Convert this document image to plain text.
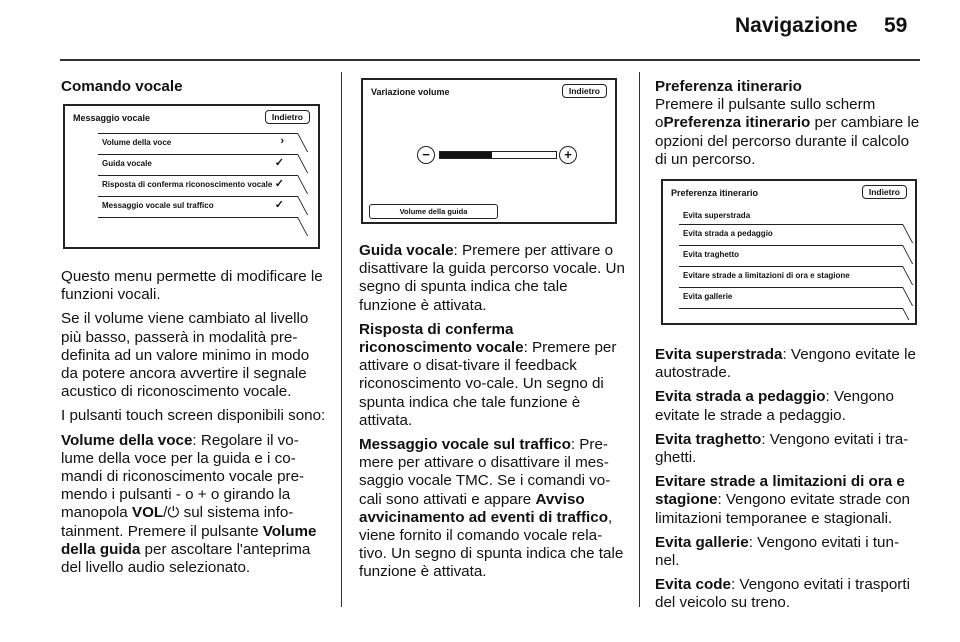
Navigazione 59
Comando vocale
Messaggio vocale	Indietro
Volume della voce	›
Guida vocale	✓
Risposta di conferma riconoscimento vocale ✓
Messaggio vocale sul traffico	✓

Questo menu permette di modificare le funzioni vocali.

Se il volume viene cambiato al livello più basso, passerà in modalità pre-definita ad un valore minimo in modo da potere ancora avvertire il segnale acustico di riconoscimento vocale.

I pulsanti touch screen disponibili sono:

Volume della voce: Regolare il vo-lume della voce per la guida e i co-mandi di riconoscimento vocale pre-mendo i pulsanti - o + o girando la manopola VOL/⏻ sul sistema info-tainment. Premere il pulsante Volume della guida per ascoltare l'anteprima del livello audio selezionato.

Variazione volume	Indietro
−	+
Volume della guida

Guida vocale: Premere per attivare o disattivare la guida percorso vocale. Un segno di spunta indica che tale funzione è attivata.

Risposta di conferma riconoscimento vocale: Premere per attivare o disat-tivare il feedback riconoscimento vo-cale. Un segno di spunta indica che tale funzione è attivata.

Messaggio vocale sul traffico: Pre-mere per attivare o disattivare il mes-saggio vocale TMC. Se i comandi vo-cali sono attivati e appare Avviso avvicinamento ad eventi di traffico, viene fornito il comando vocale rela-tivo. Un segno di spunta indica che tale funzione è attivata.

Preferenza itinerario

Premere il pulsante sullo scherm oPreferenza itinerario per cambiare le opzioni del percorso durante il calcolo di un percorso.

Preferenza itinerario	Indietro
Evita superstrada
Evita strada a pedaggio
Evita traghetto
Evitare strade a limitazioni di ora e stagione
Evita gallerie

Evita superstrada: Vengono evitate le autostrade.

Evita strada a pedaggio: Vengono evitate le strade a pedaggio.

Evita traghetto: Vengono evitati i tra-ghetti.

Evitare strade a limitazioni di ora e stagione: Vengono evitate strade con limitazioni temporanee e stagionali.

Evita gallerie: Vengono evitati i tun-nel.

Evita code: Vengono evitati i trasporti del veicolo su treno.
